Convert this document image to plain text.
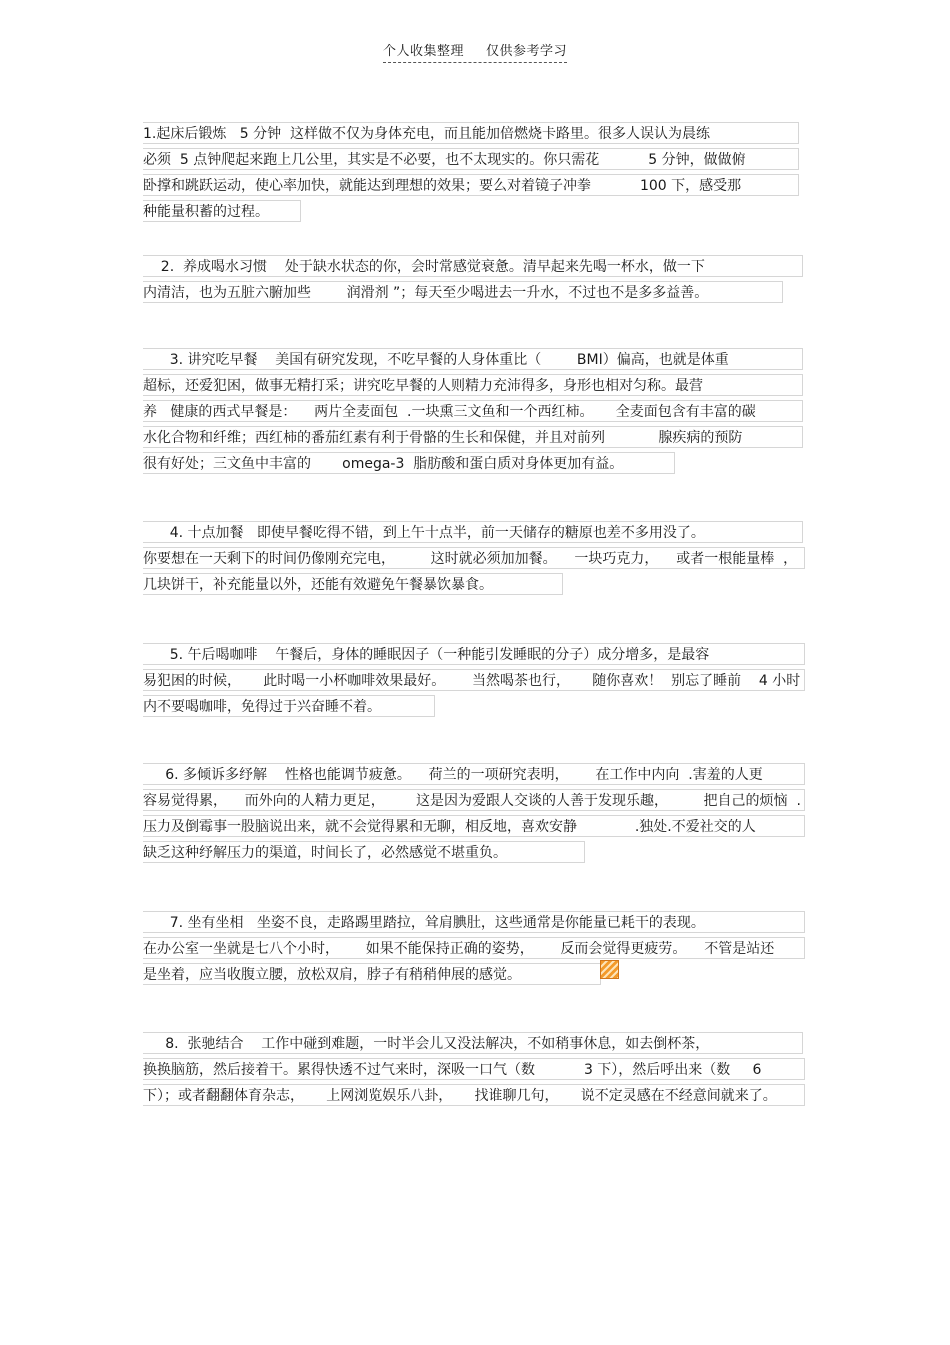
个人收集整理 仅供参考学习
1.起床后锻炼   5 分钟  这样做不仅为身体充电，而且能加倍燃烧卡路里。很多人误认为晨练
必须  5 点钟爬起来跑上几公里，其实是不必要，也不太现实的。你只需花           5 分钟，做做俯
卧撑和跳跃运动，使心率加快，就能达到理想的效果；要么对着镜子冲拳           100 下，感受那
种能量积蓄的过程。
2.  养成喝水习惯    处于缺水状态的你，会时常感觉衰惫。清早起来先喝一杯水，做一下
内清洁，也为五脏六腑加些        润滑剂 ”；每天至少喝进去一升水，不过也不是多多益善。
3. 讲究吃早餐    美国有研究发现，不吃早餐的人身体重比（        BMI）偏高，也就是体重
超标，还爱犯困，做事无精打采；讲究吃早餐的人则精力充沛得多，身形也相对匀称。最营
养   健康的西式早餐是：    两片全麦面包  .一块熏三文鱼和一个西红柿。     全麦面包含有丰富的碳
水化合物和纤维；西红柿的番茄红素有利于骨骼的生长和保健，并且对前列            腺疾病的预防
很有好处；三文鱼中丰富的       omega-3  脂肪酸和蛋白质对身体更加有益。
4. 十点加餐   即使早餐吃得不错，到上午十点半，前一天储存的糖原也差不多用没了。
你要想在一天剩下的时间仍像刚充完电，        这时就必须加加餐。    一块巧克力，    或者一根能量棒  ，
几块饼干，补充能量以外，还能有效避免午餐暴饮暴食。
5. 午后喝咖啡    午餐后，身体的睡眠因子（一种能引发睡眠的分子）成分增多，是最容
易犯困的时候，     此时喝一小杯咖啡效果最好。      当然喝茶也行，     随你喜欢！  别忘了睡前    4 小时
内不要喝咖啡，免得过于兴奋睡不着。
6. 多倾诉多纾解    性格也能调节疲惫。    荷兰的一项研究表明，      在工作中内向  .害羞的人更
容易觉得累，    而外向的人精力更足，       这是因为爱跟人交谈的人善于发现乐趣，        把自己的烦恼  .
压力及倒霉事一股脑说出来，就不会觉得累和无聊，相反地，喜欢安静             .独处.不爱社交的人
缺乏这种纾解压力的渠道，时间长了，必然感觉不堪重负。
7. 坐有坐相   坐姿不良，走路踢里踏拉，耸肩腆肚，这些通常是你能量已耗干的表现。
在办公室一坐就是七八个小时，      如果不能保持正确的姿势，      反而会觉得更疲劳。    不管是站还
是坐着，应当收腹立腰，放松双肩，脖子有稍稍伸展的感觉。
8.  张驰结合    工作中碰到难题，一时半会儿又没法解决，不如稍事休息，如去倒杯茶，
换换脑筋，然后接着干。累得快透不过气来时，深吸一口气（数           3 下），然后呼出来（数     6
下）；或者翻翻体育杂志，     上网浏览娱乐八卦，     找谁聊几句，     说不定灵感在不经意间就来了。
